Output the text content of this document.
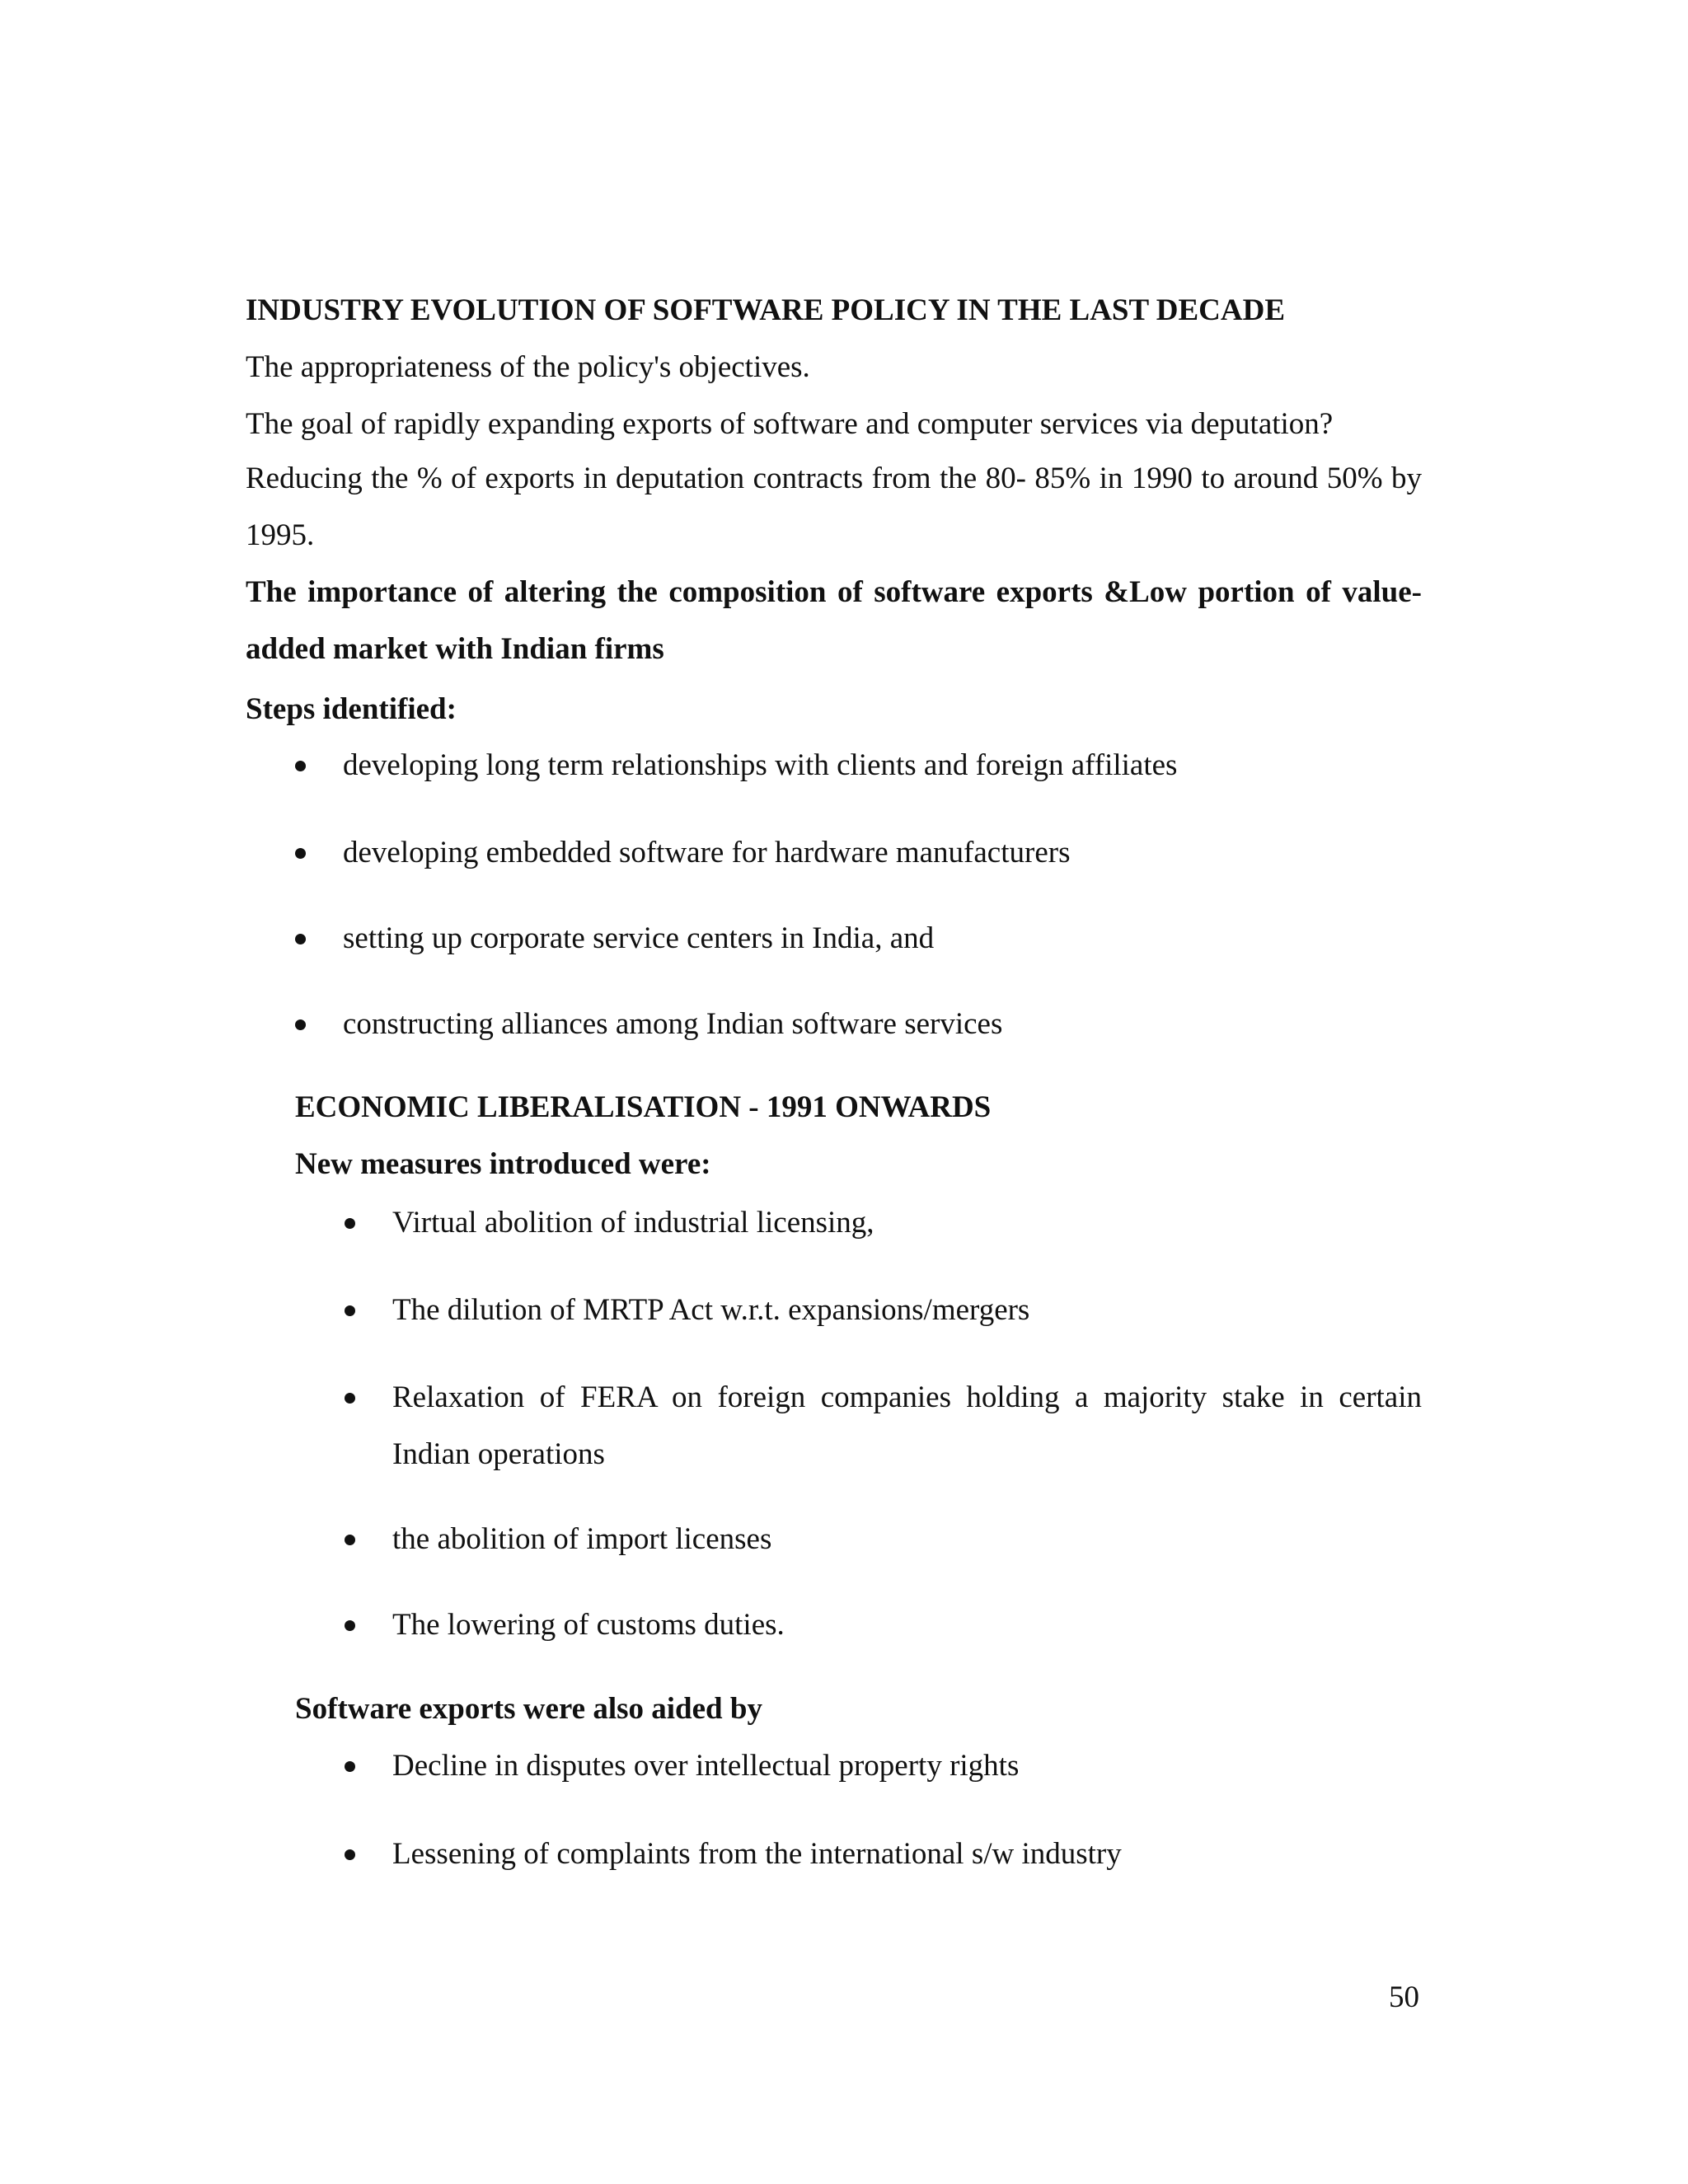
INDUSTRY EVOLUTION OF SOFTWARE POLICY IN THE LAST DECADE
The appropriateness of the policy's objectives.
The goal of rapidly expanding exports of software and computer services via deputation?
Reducing the % of exports in deputation contracts from the 80- 85% in 1990 to around 50% by 1995.
The importance of altering the composition of software exports &Low portion of value-added market with Indian firms
Steps identified:
developing long term relationships with clients and foreign affiliates
developing embedded software for hardware manufacturers
setting up corporate service centers in India, and
constructing alliances among Indian software services
ECONOMIC LIBERALISATION - 1991 ONWARDS
New measures introduced were:
Virtual abolition of industrial licensing,
The dilution of MRTP Act w.r.t. expansions/mergers
Relaxation of FERA on foreign companies holding a majority stake in certain Indian operations
the abolition of import licenses
The lowering of customs duties.
Software exports were also aided by
Decline in disputes over intellectual property rights
Lessening of complaints from the international s/w industry
50
